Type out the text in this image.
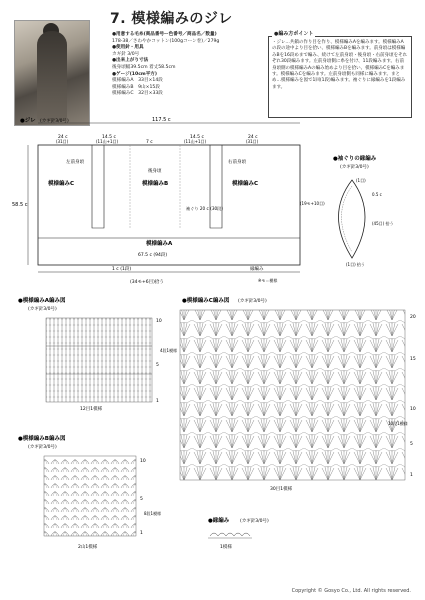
7. 模様編みのジレ
●用意する毛糸(商品番号ー色番号／商品名／数量)
178-38／さわやかコットン(100gコーン巻)／279g
●使用針・用具
カギ針 3/0号
●出来上がり寸法
後身頃幅39.5cm 着丈58.5cm
●ゲージ(10cm平方)
模様編みA　33目×14段
模様編みB　9山×15段
模様編みC　32目×33段
●編み方ポイント
・ジレ…共鎖の作り目を作り、模様編みAを編みます。模様編みAの段の途中より目を拾い、模様編みBを編みます。前身頃は模様編みBを16段めまで編み、続けて左前身頃・後身頃・右前身頃をそれぞれ30段編みます。左前身頃側に糸を付け、11段編みます。右前身頃側の模様編みAの編み始めより目を拾い、模様編みCを編みます。模様編みCを編みます。左前身頃側も同様に編みます。まとめ…模様編みを図で1回(1段)編みます。袖ぐりに縁編みを1段編みます。
●ジレ (カギ針3/0号)	117.5 c
24 c
(31目)
14.5 c
(11山+1目)	7 c
14.5 c
(11山+1目)
24 c
(31目)
58.5 c
左前身頃
後身頃
右前身頃
模様編みC	模様編みB	模様編みC
模様編みA
67.5 c (94段)
袖ぐり 20 c (30段)
1 c (1段)
(34モ+6目)拾う
縁編み
※モ＝模様
●袖ぐりの縁編み
(カギ針3/0号)
(1目)
0.5 c
(19モ+10目)
(45目) 拾う
(1目) 拾う
●模様編みA編み図
(カギ針3/0号)
10
5
1
4段1模様
12目1模様
●模様編みC編み図 (カギ針3/0号)
20
15
10
5
1
10段1模様
30目1模様
●模様編みB編み図
(カギ針3/0号)
10
5
1
8段1模様
2山1模様
●縁編み (カギ針3/0号)
1模様
Copyright © Gosyo Co., Ltd. All rights reserved.
